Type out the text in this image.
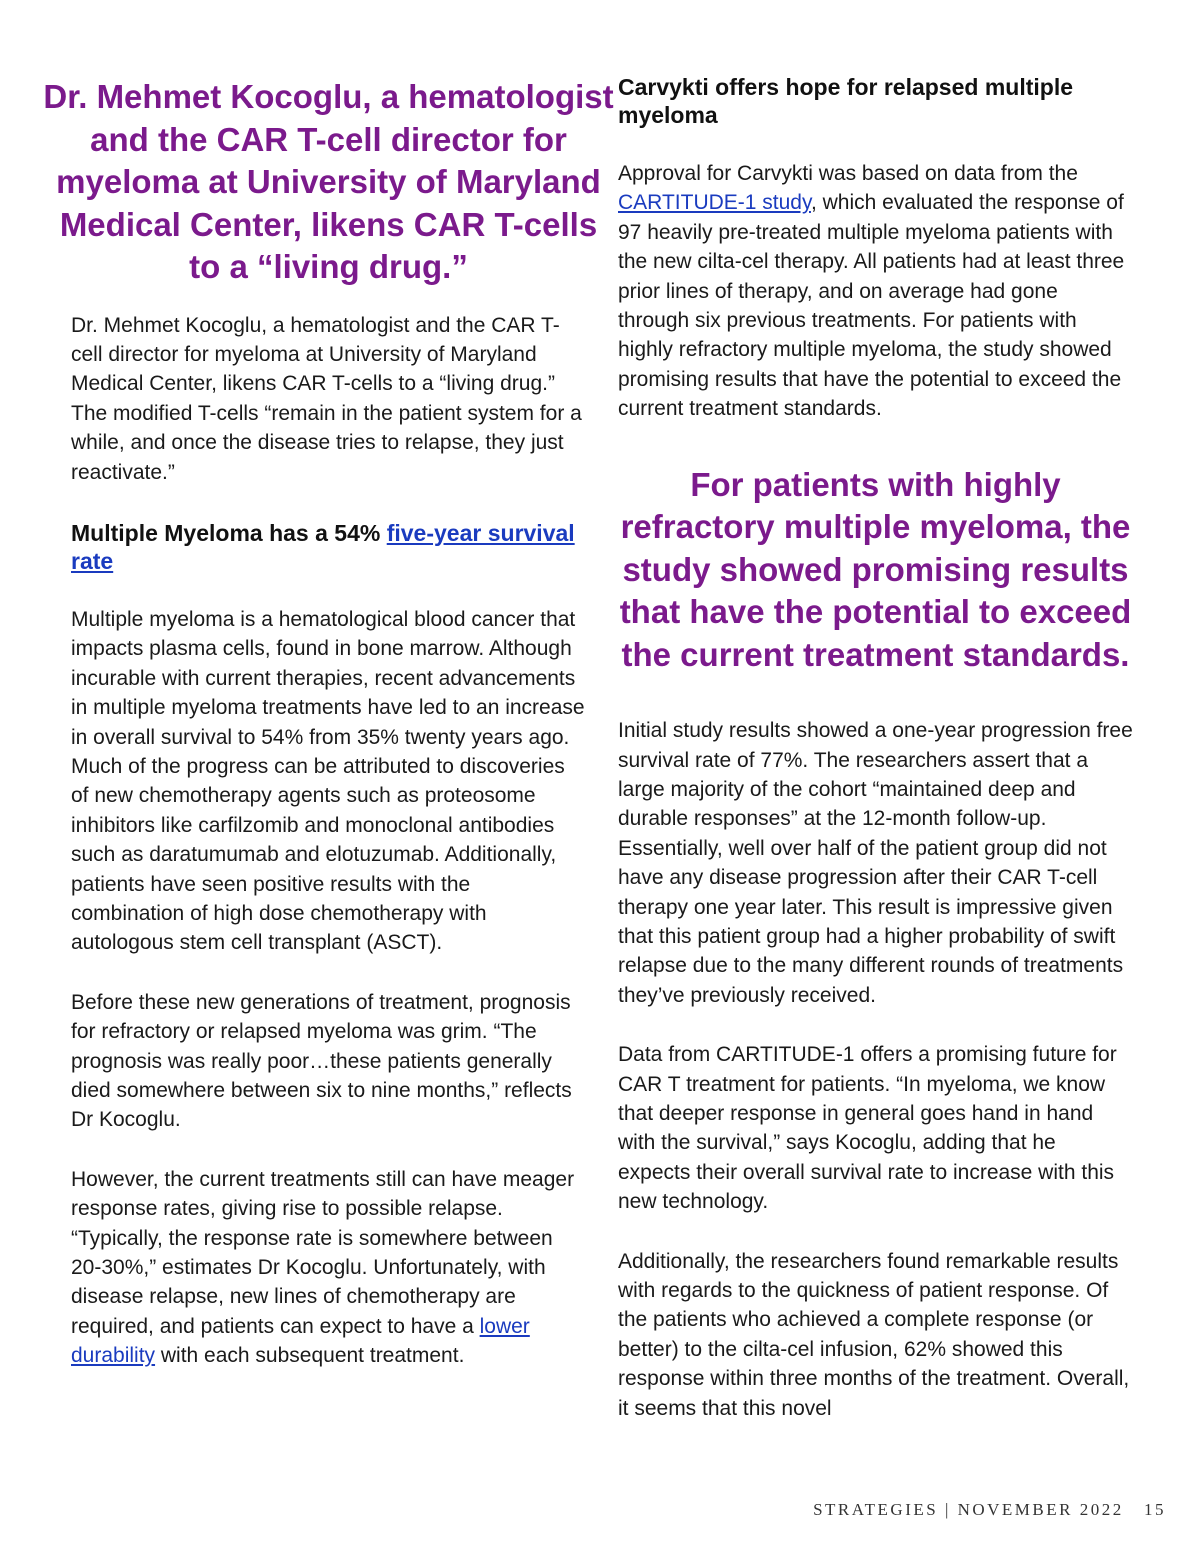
Dr. Mehmet Kocoglu, a hematologist and the CAR T-cell director for myeloma at University of Maryland Medical Center, likens CAR T-cells to a “living drug.”

Dr. Mehmet Kocoglu, a hematologist and the CAR T-cell director for myeloma at University of Maryland Medical Center, likens CAR T-cells to a “living drug.” The modified T-cells “remain in the patient system for a while, and once the disease tries to relapse, they just reactivate.”

Multiple Myeloma has a 54% five-year survival rate

Multiple myeloma is a hematological blood cancer that impacts plasma cells, found in bone marrow. Although incurable with current therapies, recent advancements in multiple myeloma treatments have led to an increase in overall survival to 54% from 35% twenty years ago. Much of the progress can be attributed to discoveries of new chemotherapy agents such as proteosome inhibitors like carfilzomib and monoclonal antibodies such as daratumumab and elotuzumab. Additionally, patients have seen positive results with the combination of high dose chemotherapy with autologous stem cell transplant (ASCT).

Before these new generations of treatment, prognosis for refractory or relapsed myeloma was grim. “The prognosis was really poor…these patients generally died somewhere between six to nine months,” reflects Dr Kocoglu.

However, the current treatments still can have meager response rates, giving rise to possible relapse. “Typically, the response rate is somewhere between 20-30%,” estimates Dr Kocoglu. Unfortunately, with disease relapse, new lines of chemotherapy are required, and patients can expect to have a lower durability with each subsequent treatment.

Carvykti offers hope for relapsed multiple myeloma

Approval for Carvykti was based on data from the CARTITUDE-1 study, which evaluated the response of 97 heavily pre-treated multiple myeloma patients with the new cilta-cel therapy. All patients had at least three prior lines of therapy, and on average had gone through six previous treatments. For patients with highly refractory multiple myeloma, the study showed promising results that have the potential to exceed the current treatment standards.

For patients with highly refractory multiple myeloma, the study showed promising results that have the potential to exceed the current treatment standards.

Initial study results showed a one-year progression free survival rate of 77%. The researchers assert that a large majority of the cohort “maintained deep and durable responses” at the 12-month follow-up. Essentially, well over half of the patient group did not have any disease progression after their CAR T-cell therapy one year later. This result is impressive given that this patient group had a higher probability of swift relapse due to the many different rounds of treatments they’ve previously received.

Data from CARTITUDE-1 offers a promising future for CAR T treatment for patients. “In myeloma, we know that deeper response in general goes hand in hand with the survival,” says Kocoglu, adding that he expects their overall survival rate to increase with this new technology.

Additionally, the researchers found remarkable results with regards to the quickness of patient response. Of the patients who achieved a complete response (or better) to the cilta-cel infusion, 62% showed this response within three months of the treatment. Overall, it seems that this novel

STRATEGIES | NOVEMBER 2022 15
